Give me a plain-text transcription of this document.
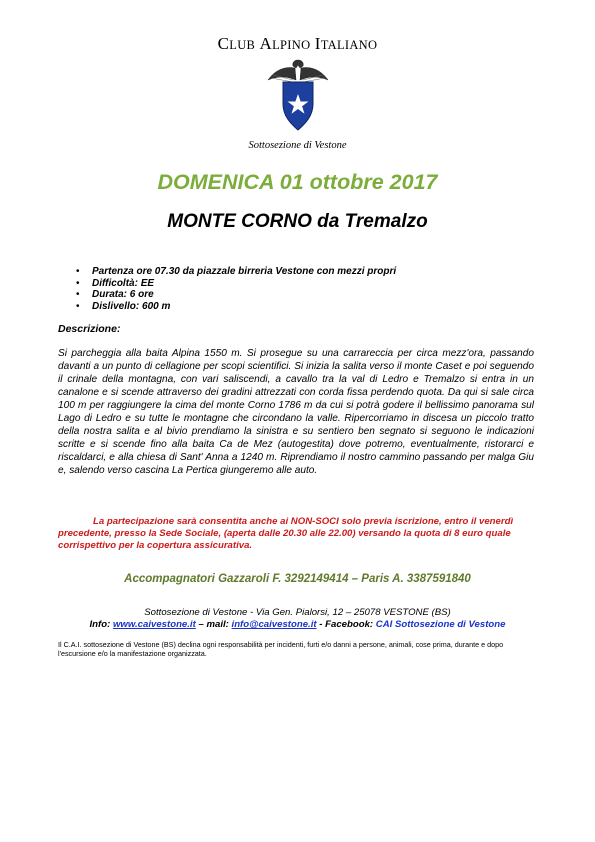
CLUB ALPINO ITALIANO
Sottosezione di Vestone
DOMENICA 01 ottobre 2017
MONTE CORNO da Tremalzo
• Partenza ore 07.30 da piazzale birreria Vestone con mezzi propri
• Difficoltà: EE
• Durata: 6 ore
• Dislivello: 600 m
Descrizione:

Si parcheggia alla baita Alpina 1550 m. Si prosegue su una carrareccia per circa mezz'ora, passando davanti a un punto di cellagione per scopi scientifici. Si inizia la salita verso il monte Caset e poi seguendo il crinale della montagna, con vari saliscendi, a cavallo tra la val di Ledro e Tremalzo si entra in un canalone e si scende attraverso dei gradini attrezzati con corda fissa perdendo quota. Da qui si sale circa 100 m per raggiungere la cima del monte Corno 1786 m da cui si potrà godere il bellissimo panorama sul Lago di Ledro e su tutte le montagne che circondano la valle. Ripercorriamo in discesa un piccolo tratto della nostra salita e al bivio prendiamo la sinistra e su sentiero ben segnato si seguono le indicazioni scritte e si scende fino alla baita Ca de Mez (autogestita) dove potremo, eventualmente, ristorarci e riscaldarci, e alla chiesa di Sant' Anna a 1240 m. Riprendiamo il nostro cammino passando per malga Giu e, salendo verso cascina La Pertica giungeremo alle auto.

La partecipazione sarà consentita anche ai NON-SOCI solo previa iscrizione, entro il venerdì precedente, presso la Sede Sociale, (aperta dalle 20.30 alle 22.00) versando la quota di 8 euro quale corrispettivo per la copertura assicurativa.

Accompagnatori Gazzaroli F. 3292149414 – Paris A. 3387591840
Sottosezione di Vestone - Via Gen. Pialorsi, 12 – 25078 VESTONE (BS)
Info: www.caivestone.it – mail: info@caivestone.it - Facebook: CAI Sottosezione di Vestone

Il C.A.I. sottosezione di Vestone (BS) declina ogni responsabilità per incidenti, furti e/o danni a persone, animali, cose prima, durante e dopo l'escursione e/o la manifestazione organizzata.
